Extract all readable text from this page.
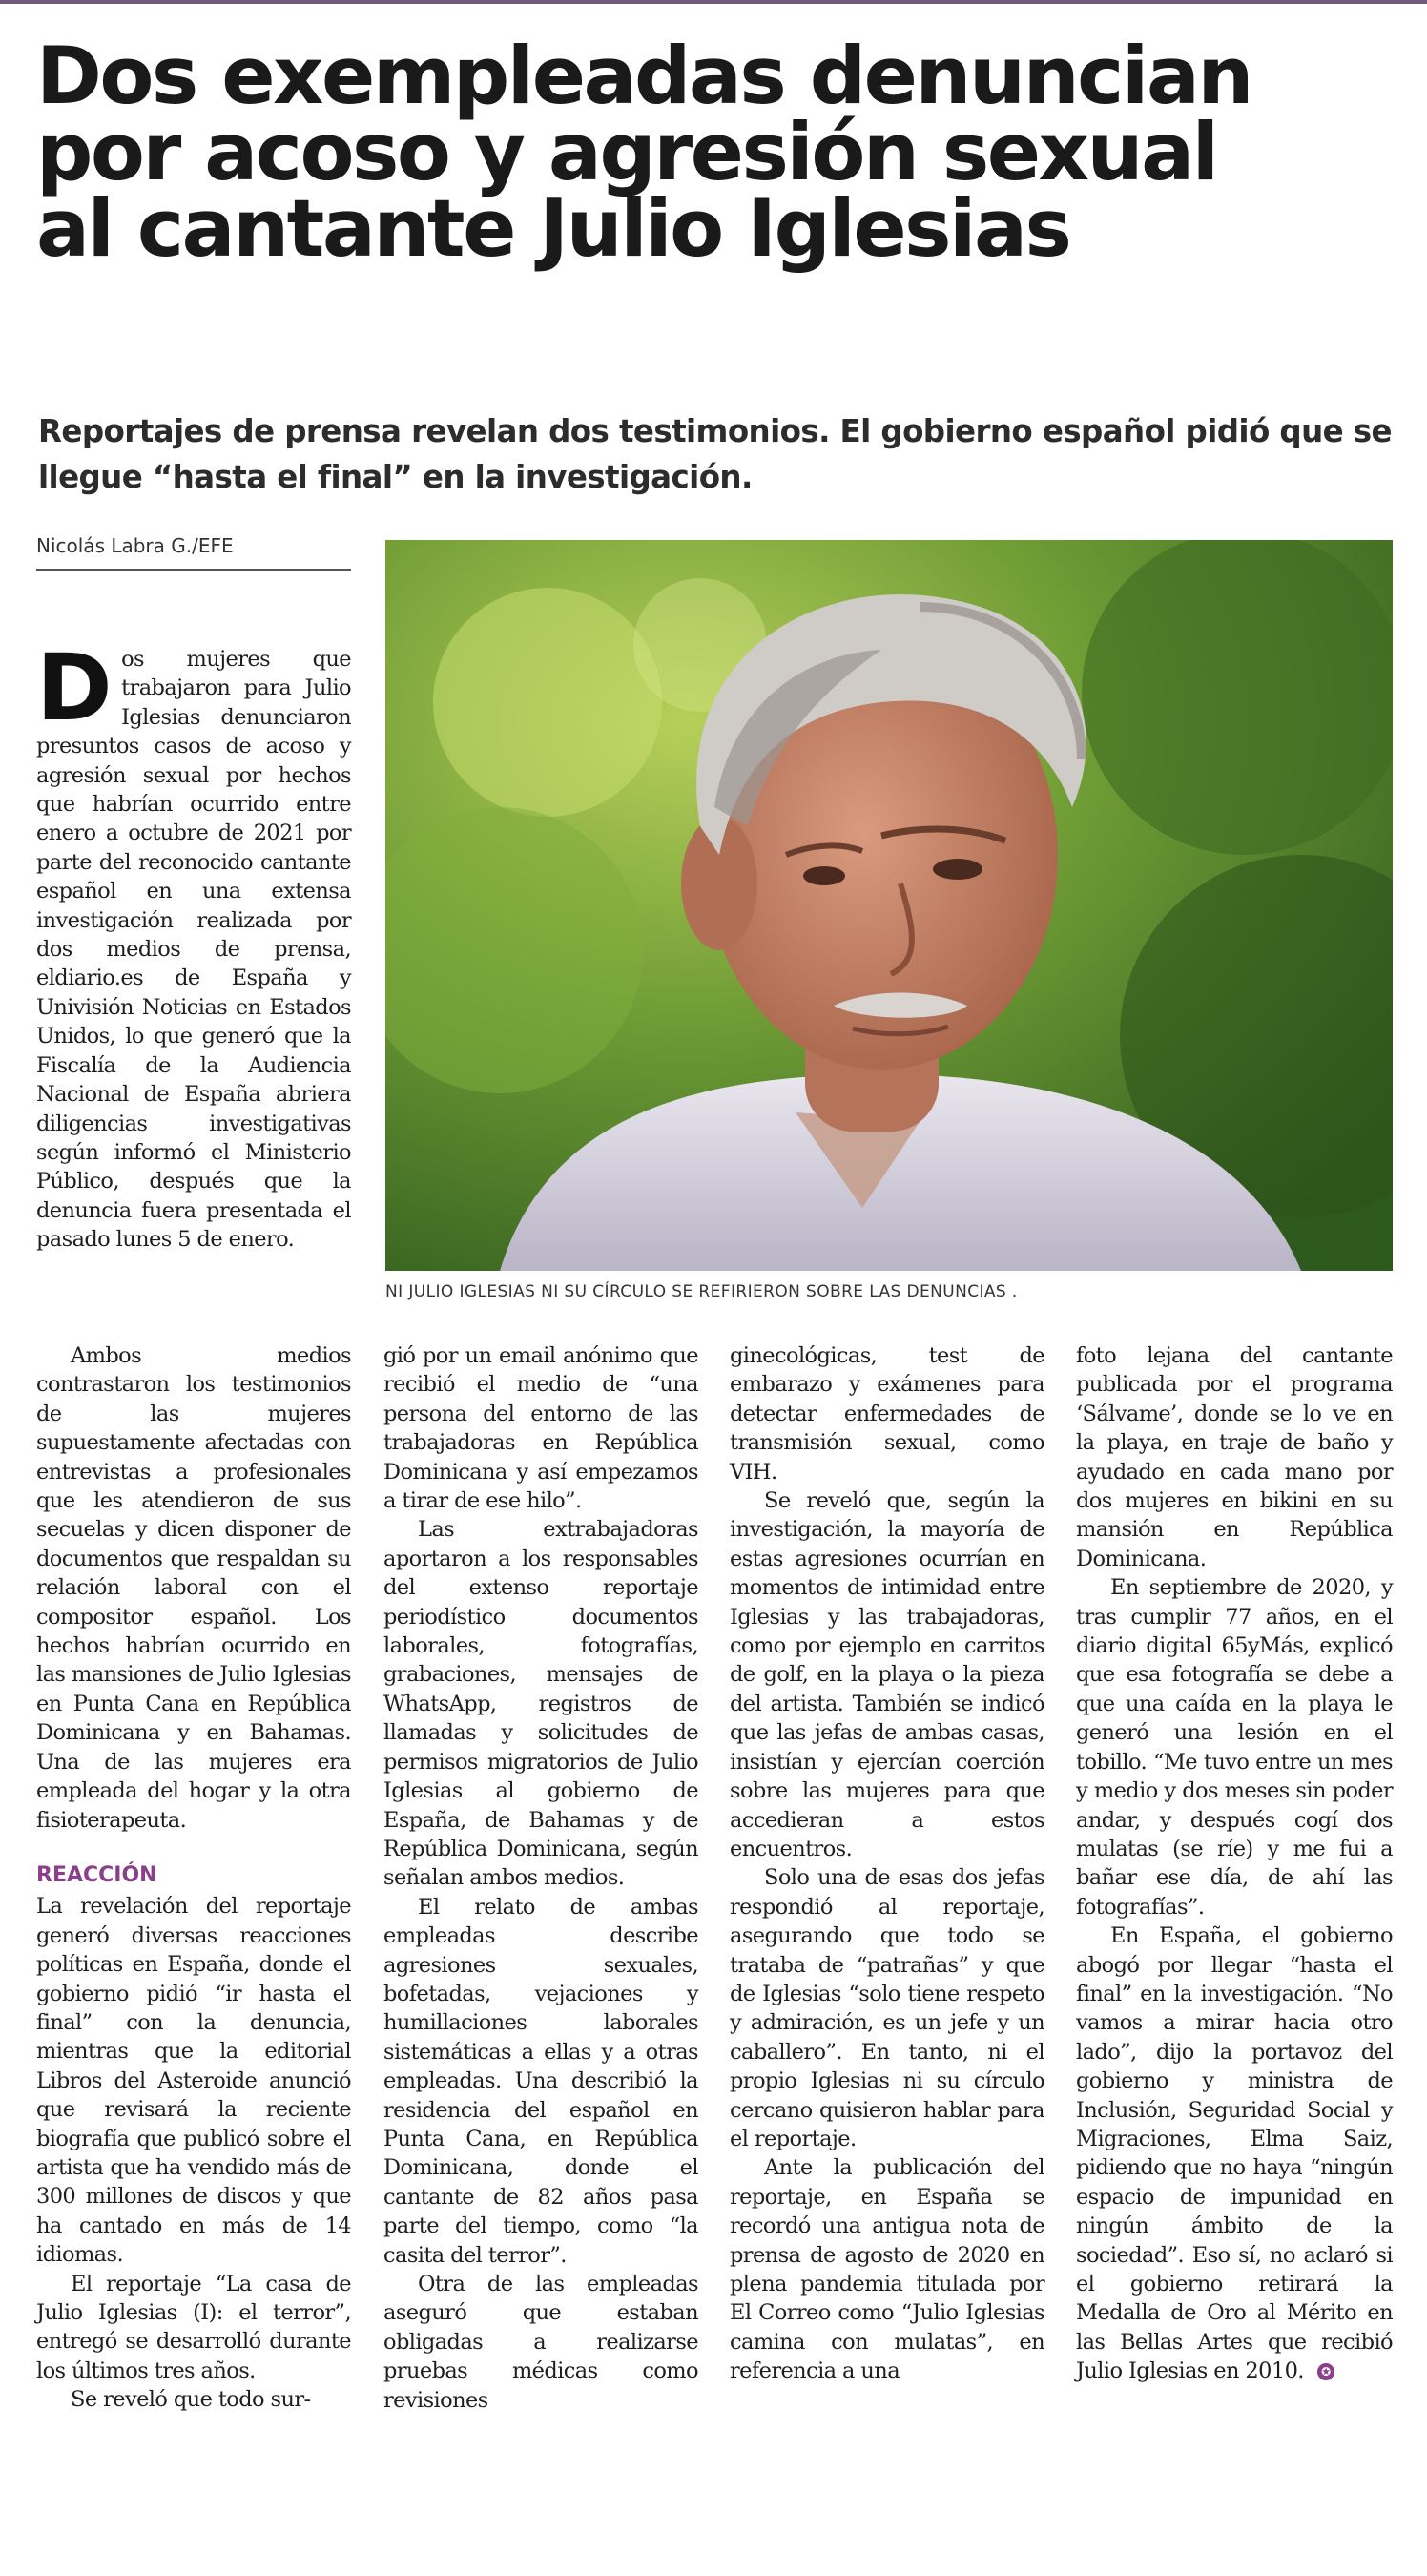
Dos exempleadas denuncian
por acoso y agresión sexual
al cantante Julio Iglesias
Reportajes de prensa revelan dos testimonios. El gobierno español pidió que se
llegue “hasta el final” en la investigación.
Nicolás Labra G./EFE
NI JULIO IGLESIAS NI SU CÍRCULO SE REFIRIERON SOBRE LAS DENUNCIAS .

Dos mujeres que trabajaron para Julio Iglesias denunciaron presuntos casos de acoso y agresión sexual por hechos que habrían ocurrido entre enero a octubre de 2021 por parte del reconocido cantante español en una extensa investigación realizada por dos medios de prensa, eldiario.es de España y Univisión Noticias en Estados Unidos, lo que generó que la Fiscalía de la Audiencia Nacional de España abriera diligencias investigativas según informó el Ministerio Público, después que la denuncia fuera presentada el pasado lunes 5 de enero.

Ambos medios contrastaron los testimonios de las mujeres supuestamente afectadas con entrevistas a profesionales que les atendieron de sus secuelas y dicen disponer de documentos que respaldan su relación laboral con el compositor español. Los hechos habrían ocurrido en las mansiones de Julio Iglesias en Punta Cana en República Dominicana y en Bahamas. Una de las mujeres era empleada del hogar y la otra fisioterapeuta.

REACCIÓN

La revelación del reportaje generó diversas reacciones políticas en España, donde el gobierno pidió “ir hasta el final” con la denuncia, mientras que la editorial Libros del Asteroide anunció que revisará la reciente biografía que publicó sobre el artista que ha vendido más de 300 millones de discos y que ha cantado en más de 14 idiomas.

El reportaje “La casa de Julio Iglesias (I): el terror”, entregó se desarrolló durante los últimos tres años.

Se reveló que todo sur-

gió por un email anónimo que recibió el medio de “una persona del entorno de las trabajadoras en República Dominicana y así empezamos a tirar de ese hilo”.

Las extrabajadoras aportaron a los responsables del extenso reportaje periodístico documentos laborales, fotografías, grabaciones, mensajes de WhatsApp, registros de llamadas y solicitudes de permisos migratorios de Julio Iglesias al gobierno de España, de Bahamas y de República Dominicana, según señalan ambos medios.

El relato de ambas empleadas describe agresiones sexuales, bofetadas, vejaciones y humillaciones laborales sistemáticas a ellas y a otras empleadas. Una describió la residencia del español en Punta Cana, en República Dominicana, donde el cantante de 82 años pasa parte del tiempo, como “la casita del terror”.

Otra de las empleadas aseguró que estaban obligadas a realizarse pruebas médicas como revisiones

ginecológicas, test de embarazo y exámenes para detectar enfermedades de transmisión sexual, como VIH.

Se reveló que, según la investigación, la mayoría de estas agresiones ocurrían en momentos de intimidad entre Iglesias y las trabajadoras, como por ejemplo en carritos de golf, en la playa o la pieza del artista. También se indicó que las jefas de ambas casas, insistían y ejercían coerción sobre las mujeres para que accedieran a estos encuentros.

Solo una de esas dos jefas respondió al reportaje, asegurando que todo se trataba de “patrañas” y que de Iglesias “solo tiene respeto y admiración, es un jefe y un caballero”. En tanto, ni el propio Iglesias ni su círculo cercano quisieron hablar para el reportaje.

Ante la publicación del reportaje, en España se recordó una antigua nota de prensa de agosto de 2020 en plena pandemia titulada por El Correo como “Julio Iglesias camina con mulatas”, en referencia a una

foto lejana del cantante publicada por el programa ‘Sálvame’, donde se lo ve en la playa, en traje de baño y ayudado en cada mano por dos mujeres en bikini en su mansión en República Dominicana.

En septiembre de 2020, y tras cumplir 77 años, en el diario digital 65yMás, explicó que esa fotografía se debe a que una caída en la playa le generó una lesión en el tobillo. “Me tuvo entre un mes y medio y dos meses sin poder andar, y después cogí dos mulatas (se ríe) y me fui a bañar ese día, de ahí las fotografías”.

En España, el gobierno abogó por llegar “hasta el final” en la investigación. “No vamos a mirar hacia otro lado”, dijo la portavoz del gobierno y ministra de Inclusión, Seguridad Social y Migraciones, Elma Saiz, pidiendo que no haya “ningún espacio de impunidad en ningún ámbito de la sociedad”. Eso sí, no aclaró si el gobierno retirará la Medalla de Oro al Mérito en las Bellas Artes que recibió Julio Iglesias en 2010. ✪
